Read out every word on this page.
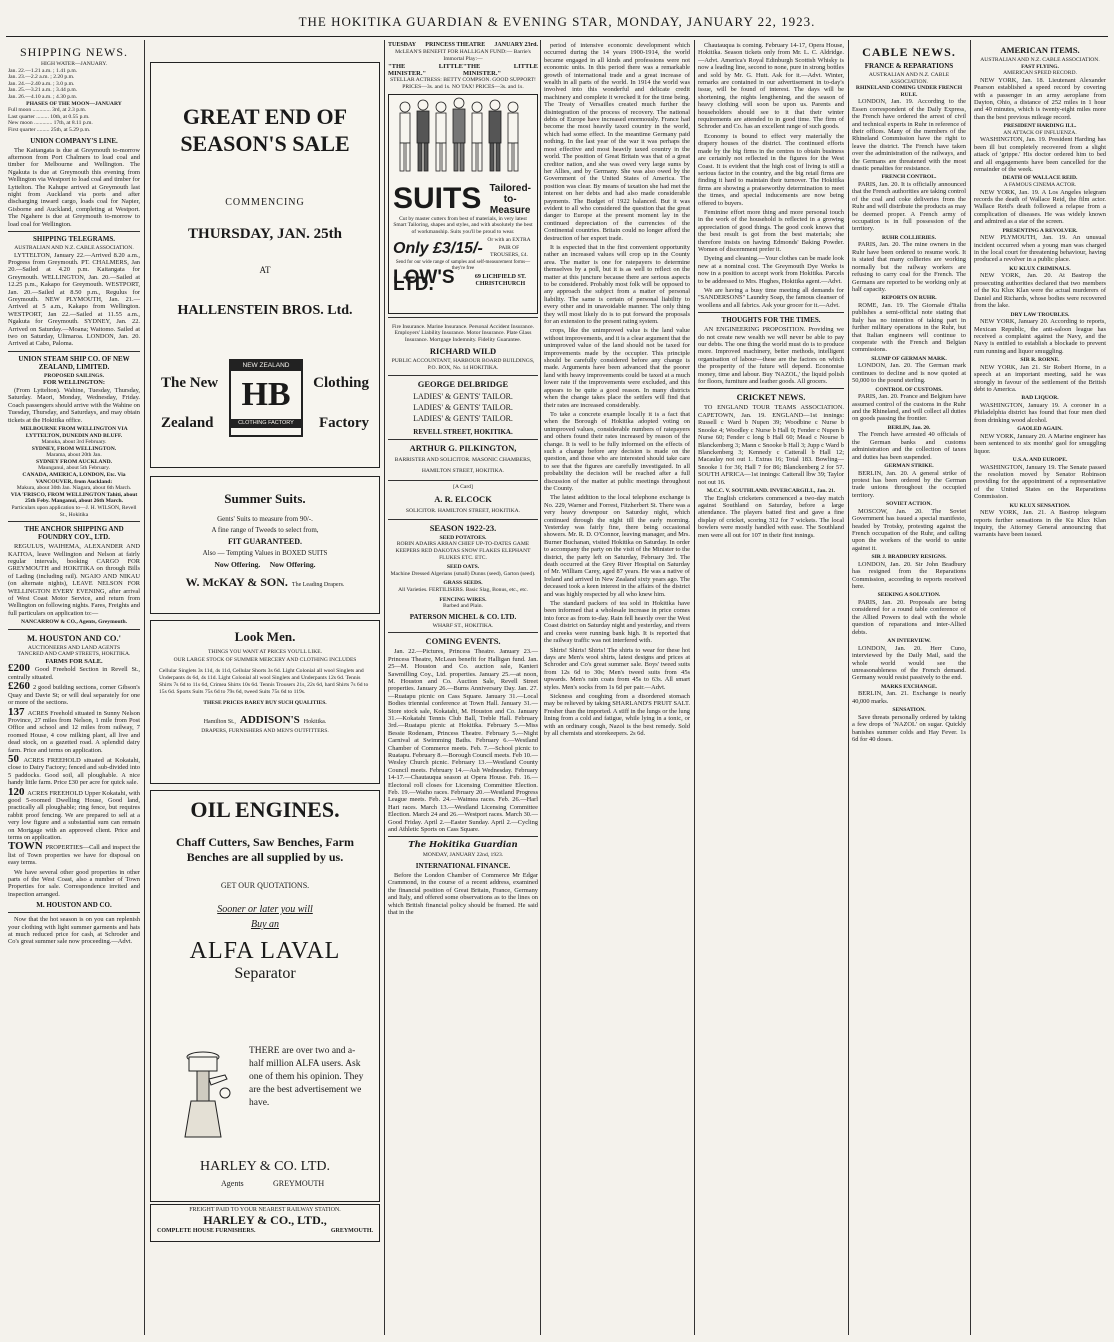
THE HOKITIKA GUARDIAN & EVENING STAR, MONDAY, JANUARY 22, 1923.
SHIPPING NEWS.
HIGH WATER—JANUARY.
Jan. 22.—1.21 a.m. ; 1.41 p.m.
Jan. 23.—2.2 a.m. ; 2.20 p.m.
Jan. 24.—2.40 a.m. ; 3.0 p.m.
Jan. 25.—3.21 a.m. ; 3.44 p.m.
Jan. 26.—4.10 a.m. ; 4.30 p.m.
PHASES OF THE MOON—JANUARY
Full moon ............. 3rd, at 2.3 p.m.
Last quarter ......... 10th, at 0.55 p.m.
New moon ............. 17th, at 8.11 p.m.
First quarter ......... 25th, at 5.29 p.m.
UNION COMPANY'S LINE.
The Kaitangata is due at Greymouth to-morrow afternoon from Port Chalmers to load coal and timber for Melbourne and Wellington. The Ngakuta is due at Greymouth this evening from Wellington via Westport to load coal and timber for Lyttelton. The Kahupe arrived at Greymouth last night from Auckland via ports and after discharging inward cargo, loads coal for Napier, Gisborne and Auckland, completing at Westport. The Ngahere is due at Greymouth to-morrow to load coal for Wellington.
SHIPPING TELEGRAMS.
AUSTRALIAN AND N.Z. CABLE ASSOCIATION.
LYTTELTON, January 22.—Arrived 8.20 a.m., Progress from Greymouth. PT. CHALMERS, Jan 20.—Sailed at 4.20 p.m. Kaitangata for Greymouth. WELLINGTON, Jan. 20.—Sailed at 12.25 p.m., Kakapo for Greymouth. WESTPORT, Jan. 20.—Sailed at 8.50 p.m., Regulus for Greymouth. NEW PLYMOUTH, Jan. 21.—Arrived at 5 a.m., Kakapo from Wellington. WESTPORT, Jan 22.—Sailed at 11.55 a.m., Ngakuta for Greymouth. SYDNEY, Jan. 22. Arrived on Saturday.—Moana; Waitomo. Sailed at two on Saturday, Ulimaroa. LONDON, Jan. 20. Arrived at Cabo, Paloma.
UNION STEAM SHIP CO. OF NEW ZEALAND, LIMITED.
PROPOSED SAILINGS.
FOR WELLINGTON:
(From Lyttelton). Wahine, Tuesday, Thursday, Saturday. Maori, Monday, Wednesday, Friday. Coach passengers should arrive with the Wahine on Tuesday, Thursday, and Saturdays, and may obtain tickets at the Hokitika office.
MELBOURNE FROM WELLINGTON VIA LYTTELTON, DUNEDIN AND BLUFF.
Manuka, about 3rd February.
SYDNEY, FROM WELLINGTON.
Marama, about 20th Jan.
SYDNEY FROM AUCKLAND.
Maunganui, about 5th February.
CANADA, AMERICA, LONDON, Etc. Via VANCOUVER, from Auckland:
Makura, about 30th Jan. Niagara, about 6th March.
VIA 'FRISCO, FROM WELLINGTON Tahiti, about 25th Feby. Manganui, about 26th March.
Particulars upon application to—J. H. WILSON, Revell St., Hokitika
THE ANCHOR SHIPPING AND FOUNDRY COY., LTD.
REGULUS, WAIHEMA, ALEXANDER AND KAITOA, leave Wellington and Nelson at fairly regular intervals, booking CARGO FOR GREYMOUTH and HOKITIKA on through Bills of Lading (including rail). NGAIO AND NIKAU (on alternate nights), LEAVE NELSON FOR WELLINGTON EVERY EVENING, after arrival of West Coast Motor Service, and return from Wellington on following nights. Fares, Freights and full particulars on application to:—
NANCARROW & CO., Agents, Greymouth.
M. HOUSTON AND CO.'
AUCTIONEERS AND LAND AGENTS
TANCRED AND CAMP STREETS, HOKITIKA.
FARMS FOR SALE.
£200 Good Freehold Section in Revell St., centrally situated.
£260 2 good building sections, corner Gibson's Quay and Davie St; or will deal separately for one or more of the sections.
137 ACRES Freehold situated in Sunny Nelson Province, 27 miles from Nelson, 1 mile from Post Office and school and 12 miles from railway, 7 roomed House, 4 cow milking plant, all live and dead stock, on a gazetted road. A splendid dairy farm. Price and terms on application.
50 ACRES FREEHOLD situated at Kokatahi, close to Dairy Factory; fenced and sub-divided into 5 paddocks. Good soil, all ploughable. A nice handy little farm. Price £30 per acre for quick sale.
120 ACRES FREEHOLD Upper Kokatahi, with good 5-roomed Dwelling House, Good land, practically all ploughable; ring fence, but requires rabbit proof fencing. We are prepared to sell at a very low figure and a substantial sum can remain on Mortgage with an approved client. Price and terms on application.
TOWN PROPERTIES—Call and inspect the list of Town properties we have for disposal on easy terms.
We have several other good properties in other parts of the West Coast, also a number of Town Properties for sale. Correspondence invited and inspection arranged.
M. HOUSTON AND CO.
Now that the hot season is on you can replenish your clothing with light summer garments and hats at much reduced price for cash, at Schroder and Co's great summer sale now proceeding.—Advt.
GREAT END OF SEASON'S SALE
COMMENCING
THURSDAY, JAN. 25th
AT
HALLENSTEIN BROS. Ltd.
The New
Zealand
NEW ZEALAND
HB
CLOTHING FACTORY
Clothing
Factory
Summer Suits.
Gents' Suits to measure from 90/-.
A fine range of Tweeds to select from,
FIT GUARANTEED.
Also — Tempting Values in BOXED SUITS
Now Offering. Now Offering.
W. McKAY & SON. The Leading Drapers.
Look Men.
THINGS YOU WANT AT PRICES YOU'LL LIKE.
OUR LARGE STOCK OF SUMMER MERCERY AND CLOTHING INCLUDES
Cellular Singlets 3s 11d, 4s 11d, Cellular Shorts 3s 6d. Light Colonial all wool Singlets and Underpants 4s 6d, 4s 11d. Light Colonial all wool Singlets and Underpants 12s 6d. Tennis Shirts 7s 6d to 11s 6d, Crimea Shirts 10s 6d. Tennis Trousers 21s, 22s 6d, hard Shirts 7s 6d to 15s 6d. Sports Suits 75s 6d to 79s 6d, tweed Suits 75s 6d to 119s.
THESE PRICES RAREY BUY SUCH QUALITIES.
Hamilton St., ADDISON'S Hokitika.
DRAPERS, FURNISHERS AND MEN'S OUTFITTERS.
OIL ENGINES.
Chaff Cutters, Saw Benches, Farm Benches are all supplied by us.
GET OUR QUOTATIONS.
Sooner or later you will
Buy an
ALFA LAVAL
Separator
THERE are over two and a-half million ALFA users. Ask one of them his opinion. They are the best advertisement we have.
HARLEY & CO. LTD.
Agents	GREYMOUTH
FREIGHT PAID TO YOUR NEAREST RAILWAY STATION.
HARLEY & CO., LTD.,
COMPLETE HOUSE FURNISHERS.	GREYMOUTH.
TUESDAY PRINCESS THEATRE JANUARY 23rd.
McLEAN'S BENEFIT FOR HALLIGAN FUND:— Barrie's Immortal Play:—
"THE LITTLE MINISTER."
"THE LITTLE MINISTER."
STELLAR ACTRESS: BETTY COMPSON. GOOD SUPPORT! PRICES—3s. and 1s. NO TAX! PRICES—3s. and 1s.
SUITS Tailored-to-Measure
Cut by master cutters from best of materials, in very latest Smart Tailoring, shapes and styles, and with absolutely the best of workmanship. Suits you'll be proud to wear.
Only £3/15/- Or with an EXTRA PAIR OF TROUSERS, £4.
Send for our wide range of samples and self-measurement forms—they're free
LOW'S LTD.	69 LICHFIELD ST. CHRISTCHURCH
Fire Insurance. Marine Insurance. Personal Accident Insurance. Employers' Liability Insurance. Motor Insurance. Plate Glass Insurance. Mortgage Indemnity. Fidelity Guarantee.
RICHARD WILD
PUBLIC ACCOUNTANT, HARBOUR BOARD BUILDINGS, P.O. BOX, No. 14 HOKITIKA.
GEORGE DELBRIDGE
LADIES' & GENTS' TAILOR.
LADIES' & GENTS' TAILOR.
LADIES' & GENTS' TAILOR.
REVELL STREET, HOKITIKA.
ARTHUR G. PILKINGTON,
BARRISTER AND SOLICITOR. MASONIC CHAMBERS, HAMILTON STREET, HOKITIKA.
[A Card]
A. R. ELCOCK
SOLICITOR. HAMILTON STREET, HOKITIKA.
SEASON 1922-23.
SEED POTATOES.
ROBIN ADAIRS ARRAN CHIEF UP-TO-DATES GAME KEEPERS RED DAKOTAS SNOW FLAKES ELEPHANT FLUKES ETC. ETC.
SEED OATS.
Machine Dressed Algerians (small) Dunns (seed), Garton (seed).
GRASS SEEDS.
All Varieties. FERTILISERS. Basic Slag, Bonus, etc., etc.
FENCING WIRES.
Barbed and Plain.
PATERSON MICHEL & CO. LTD.
WHARF ST., HOKITIKA.
COMING EVENTS.
Jan. 22.—Pictures, Princess Theatre. January 23.—Princess Theatre, McLean benefit for Halligan fund. Jan. 25—M. Houston and Co. auction sale, Kanieri Sawmilling Coy., Ltd. properties. January 25.—at noon, M. Houston and Co. Auction Sale, Revell Street properties. January 26.—Burns Anniversary Day. Jan. 27.—Ruatapu picnic on Cass Square. January 31.—Local Bodies triennial conference at Town Hall. January 31.—Store stock sale, Kokatahi, M. Houston and Co. January 31.—Kokatahi Tennis Club Ball, Treble Hall. February 3rd.—Ruatapu picnic at Hokitika. February 5.—Miss Bessie Rodenam, Princess Theatre. February 5.—Night Carnival at Swimming Baths. February 6.—Westland Chamber of Commerce meets. Feb. 7.—School picnic to Ruatapu. February 8.—Borough Council meets. Feb 10.—Wesley Church picnic. February 13.—Westland County Council meets. February 14.—Ash Wednesday. February 14-17.—Chautauqua season at Opera House. Feb. 16.—Electoral roll closes for Licensing Committee Election. Feb. 19.—Waiho races. February 20.—Westland Progress League meets. Feb. 24.—Waimea races. Feb. 26.—Harl Hari races. March 13.—Westland Licensing Committee Election. March 24 and 26.—Westport races. March 30.—Good Friday. April 2.—Easter Sunday. April 2.—Cycling and Athletic Sports on Cass Square.
The Hokitika Guardian
MONDAY, JANUARY 22nd, 1923.
INTERNATIONAL FINANCE.
Before the London Chamber of Commerce Mr Edgar Crammond, in the course of a recent address, examined the financial position of Great Britain, France, Germany and Italy, and offered some observations as to the lines on which British financial policy should be framed. He said that in the
period of intensive economic development which occurred during the 14 years 1900-1914, the world became engaged in all kinds and professions were not economic units. In this period there was a remarkable growth of international trade and a great increase of wealth in all parts of the world. In 1914 the world was involved into this wonderful and delicate credit machinery and complete it wrecked it for the time being. The Treaty of Versailles created much further the disintegration of the process of recovery. The national debts of Europe have increased enormously. France had become the most heavily taxed country in the world, which had some effect. In the meantime Germany paid nothing. In the last year of the war it was perhaps the most effective and most heavily taxed country in the world. The position of Great Britain was that of a great creditor nation, and she was owed very large sums by her Allies, and by Germany. She was also owed by the Government of the United States of America. The position was clear. By means of taxation she had met the interest on her debts and had also made considerable payments. The Budget of 1922 balanced. But it was evident to all who considered the question that the great danger to Europe at the present moment lay in the continued depreciation of the currencies of the Continental countries. Britain could no longer afford the destruction of her export trade.
It is expected that in the first convenient opportunity rather an increased values will crop up in the County area. The matter is one for ratepayers to determine themselves by a poll, but it is as well to reflect on the matter at this juncture because there are serious aspects to be considered. Probably most folk will be opposed to any approach the subject from a matter of personal liability. The same is certain of personal liability to every other and in unavoidable manner. The only thing they will most likely do is to put forward the proposals for an extension to the present rating system.
crops, like the unimproved value is the land value without improvements, and it is a clear argument that the unimproved value of the land should not be taxed for improvements made by the occupier. This principle should be carefully considered before any change is made. Arguments have been advanced that the poorer land with heavy improvements could be taxed at a much lower rate if the improvements were excluded, and this appears to be quite a good reason. In many districts when the change takes place the settlers will find that their rates are increased considerably.
To take a concrete example locally it is a fact that when the Borough of Hokitika adopted voting on unimproved values, considerable numbers of ratepayers and others found their rates increased by reason of the change. It is well to be fully informed on the effects of such a change before any decision is made on the question, and those who are interested should take care to see that the figures are carefully investigated. In all probability the decision will be reached after a full discussion of the matter at public meetings throughout the County.
The latest addition to the local telephone exchange is No. 229, Warner and Forrest, Fitzherbert St. There was a very heavy downpour on Saturday night, which continued through the night till the early morning. Yesterday was fairly fine, there being occasional showers. Mr. R. D. O'Connor, leaving manager, and Mrs. Burner Buchanan, visited Hokitika on Saturday. In order to accompany the party on the visit of the Minister to the district, the party left on Saturday, February 3rd. The death occurred at the Grey River Hospital on Saturday of Mr. William Carey, aged 87 years. He was a native of Ireland and arrived in New Zealand sixty years ago. The deceased took a keen interest in the affairs of the district and was highly respected by all who knew him.
The standard packers of tea sold in Hokitika have been informed that a wholesale increase in price comes into force as from to-day. Rain fell heavily over the West Coast district on Saturday night and yesterday, and rivers and creeks were running bank high. It is reported that the railway traffic was not interfered with.
Shirts! Shirts! Shirts! The shirts to wear for these hot days are Men's wool shirts, latest designs and prices at Schroder and Co's great summer sale. Boys' tweed suits from 12s 6d to 30s; Men's tweed suits from 45s upwards. Men's rain coats from 45s to 63s. All smart styles. Men's socks from 1s 6d per pair.—Advt.
Sickness and coughing from a disordered stomach may be relieved by taking SHARLAND'S FRUIT SALT. Fresher than the imported. A stiff in the lungs or the lung lining from a cold and fatigue, while lying in a tonic, or with an ordinary cough, Nazol is the best remedy. Sold by all chemists and storekeepers. 2s 6d.
Chautauqua is coming. February 14-17, Opera House, Hokitika. Season tickets only from Mr. L. C. Aldridge.—Advt. America's Royal Edinburgh Scottish Whisky is now a leading line, second to none, pure in strong bottles and sold by Mr. G. Hutt. Ask for it.—Advt. Winter, remarks are contained in our advertisement in to-day's issue, will be found of interest. The days will be shortening, the nights lengthening, and the season of heavy clothing will soon be upon us. Parents and householders should see to it that their winter requirements are attended to in good time. The firm of Schroder and Co. has an excellent range of such goods.
Economy is bound to effect very materially the drapery houses of the district. The continued efforts made by the big firms in the centres to obtain business are certainly not reflected in the figures for the West Coast. It is evident that the high cost of living is still a serious factor in the country, and the big retail firms are finding it hard to maintain their turnover. The Hokitika firms are showing a praiseworthy determination to meet the times, and special inducements are now being offered to buyers.
Feminine effort more thing and more personal touch in the work of the household is reflected in a growing appreciation of good things. The good cook knows that the best result is got from the best materials; she therefore insists on having Edmonds' Baking Powder. Women of discernment prefer it.
Dyeing and cleaning.—Your clothes can be made look new at a nominal cost. The Greymouth Dye Works is now in a position to accept work from Hokitika. Parcels to be addressed to Mrs. Hughes, Hokitika agent.—Advt.
We are having a busy time meeting all demands for "SANDERSONS" Laundry Soap, the famous cleanser of woollens and all fabrics. Ask your grocer for it.—Advt.
THOUGHTS FOR THE TIMES.
AN ENGINEERING PROPOSITION. Providing we do not create new wealth we will never be able to pay our debts. The one thing the world must do is to produce more. Improved machinery, better methods, intelligent organisation of labour—these are the factors on which the prosperity of the future will depend. Economise money, time and labour. Buy 'NAZOL,' the liquid polish for floors, furniture and leather goods. All grocers.
CRICKET NEWS.
TO ENGLAND TOUR TEAMS ASSOCIATION. CAPETOWN, Jan. 19. ENGLAND—1st innings: Russell c Ward b Nupen 39; Woodbine c Nurse b Snooke 4; Woodley c Nurse b Hall 0; Fender c Nupen b Nurse 60; Fender c long b Hall 60; Mead c Nourse b Blanckenberg 3; Mann c Snooke b Hall 3; Jupp c Ward b Blanckenberg 3; Kennedy c Catterall b Hall 12; Macaulay not out 1. Extras 16; Total 183. Bowling—Snooke 1 for 36; Hall 7 for 86; Blanckenberg 2 for 57. SOUTH AFRICA—1st innings: Catterall lbw 39; Taylor not out 16.
M.C.C. V. SOUTHLAND. INVERCARGILL, Jan. 21.
The English cricketers commenced a two-day match against Southland on Saturday, before a large attendance. The players batted first and gave a fine display of cricket, scoring 312 for 7 wickets. The local bowlers were mostly handled with ease. The Southland men were all out for 107 in their first innings.
CABLE NEWS.
FRANCE & REPARATIONS
AUSTRALIAN AND N.Z. CABLE ASSOCIATION.
RHINELAND COMING UNDER FRENCH RULE.
LONDON, Jan. 19. According to the Essen correspondent of the Daily Express, the French have ordered the arrest of civil and technical experts in Ruhr in reference of their offices. Many of the members of the Rhineland Commission have the right to leave the district. The French have taken over the administration of the railways, and the Germans are threatened with the most drastic penalties for resistance.
FRENCH CONTROL.
PARIS, Jan. 20. It is officially announced that the French authorities are taking control of the coal and coke deliveries from the Ruhr and will distribute the products as may be deemed proper. A French army of occupation is in full possession of the territory.
RUHR COLLIERIES.
PARIS, Jan. 20. The mine owners in the Ruhr have been ordered to resume work. It is stated that many collieries are working normally but the railway workers are refusing to carry coal for the French. The Germans are reported to be working only at half capacity.
REPORTS ON RUHR.
ROME, Jan. 19. The Giornale d'Italia publishes a semi-official note stating that Italy has no intention of taking part in further military operations in the Ruhr, but that Italian engineers will continue to cooperate with the French and Belgian commissions.
SLUMP OF GERMAN MARK.
LONDON, Jan. 20. The German mark continues to decline and is now quoted at 50,000 to the pound sterling.
CONTROL OF CUSTOMS.
PARIS, Jan. 20. France and Belgium have assumed control of the customs in the Ruhr and the Rhineland, and will collect all duties on goods passing the frontier.
BERLIN, Jan. 20.
The French have arrested 40 officials of the German banks and customs administration and the collection of taxes and duties has been suspended.
GERMAN STRIKE.
BERLIN, Jan. 20. A general strike of protest has been ordered by the German trade unions throughout the occupied territory.
SOVIET ACTION.
MOSCOW, Jan. 20. The Soviet Government has issued a special manifesto, headed by Trotsky, protesting against the French occupation of the Ruhr, and calling upon the workers of the world to unite against it.
SIR J. BRADBURY RESIGNS.
LONDON, Jan. 20. Sir John Bradbury has resigned from the Reparations Commission, according to reports received here.
SEEKING A SOLUTION.
PARIS, Jan. 20. Proposals are being considered for a round table conference of the Allied Powers to deal with the whole question of reparations and inter-Allied debts.
AN INTERVIEW.
LONDON, Jan. 20. Herr Cuno, interviewed by the Daily Mail, said the whole world would see the unreasonableness of the French demand. Germany would resist passively to the end.
MARKS EXCHANGE.
BERLIN, Jan. 21. Exchange is nearly 40,000 marks.
SENSATION.
Save threats personally ordered by taking a few drops of 'NAZOL' on sugar. Quickly banishes summer colds and Hay Fever. 1s 6d for 40 doses.
AMERICAN ITEMS.
AUSTRALIAN AND N.Z. CABLE ASSOCIATION.
FAST FLYING.
AMERICAN SPEED RECORD.
NEW YORK, Jan. 18. Lieutenant Alexander Pearson established a speed record by covering with a passenger in an army aeroplane from Dayton, Ohio, a distance of 252 miles in 1 hour and 40 minutes, which is twenty-eight miles more than the best previous mileage record.
PRESIDENT HARDING ILL.
AN ATTACK OF INFLUENZA.
WASHINGTON, Jan. 19. President Harding has been ill but completely recovered from a slight attack of 'grippe.' His doctor ordered him to bed and all engagements have been cancelled for the remainder of the week.
DEATH OF WALLACE REID.
A FAMOUS CINEMA ACTOR.
NEW YORK, Jan. 19. A Los Angeles telegram records the death of Wallace Reid, the film actor. Wallace Reid's death followed a relapse from a complication of diseases. He was widely known and admired as a star of the screen.
PRESENTING A REVOLVER.
NEW PLYMOUTH, Jan. 19. An unusual incident occurred when a young man was charged in the local court for threatening behaviour, having produced a revolver in a public place.
KU KLUX CRIMINALS.
NEW YORK, Jan. 20. At Bastrop the prosecuting authorities declared that two members of the Ku Klux Klan were the actual murderers of Daniel and Richards, whose bodies were recovered from the lake.
DRY LAW TROUBLES.
NEW YORK, January 20. According to reports, Mexican Republic, the anti-saloon league has received a complaint against the Navy, and the Navy is entitled to establish a blockade to prevent rum running and liquor smuggling.
SIR R. RORNE.
NEW YORK, Jan 21. Sir Robert Horne, in a speech at an important meeting, said he was strongly in favour of the settlement of the British debt to America.
BAD LIQUOR.
WASHINGTON, January 19. A coroner in a Philadelphia district has found that four men died from drinking wood alcohol.
GAOLED AGAIN.
NEW YORK, January 20. A Marine engineer has been sentenced to six months' gaol for smuggling liquor.
U.S.A. AND EUROPE.
WASHINGTON, January 19. The Senate passed the resolution moved by Senator Robinson providing for the appointment of a representative of the United States on the Reparations Commission.
KU KLUX SENSATION.
NEW YORK, Jan. 21. A Bastrop telegram reports further sensations in the Ku Klux Klan inquiry, the Attorney General announcing that warrants have been issued.
